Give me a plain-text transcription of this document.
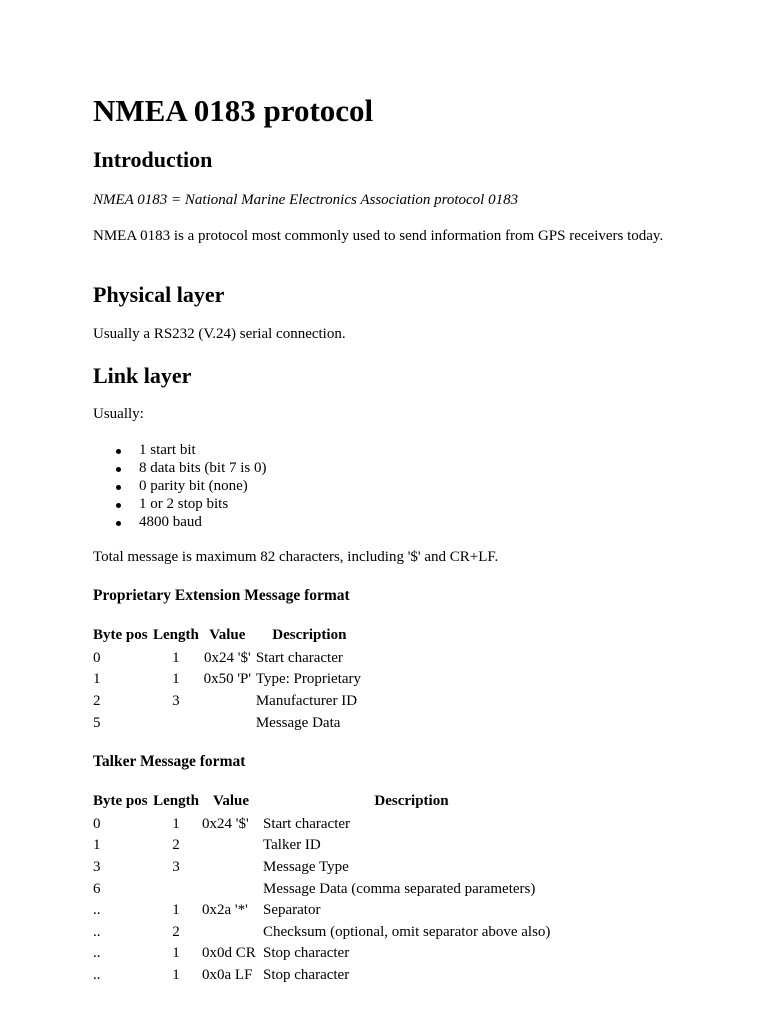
NMEA 0183 protocol
Introduction

NMEA 0183 = National Marine Electronics Association protocol 0183

NMEA 0183 is a protocol most commonly used to send information from GPS receivers today.

Physical layer

Usually a RS232 (V.24) serial connection.

Link layer

Usually:

1 start bit
8 data bits (bit 7 is 0)
0 parity bit (none)
1 or 2 stop bits
4800 baud

Total message is maximum 82 characters, including '$' and CR+LF.

Proprietary Extension Message format
Byte pos	Length	Value	Description
0	1	0x24 '$'	Start character
1	1	0x50 'P'	Type: Proprietary
2	3		Manufacturer ID
5			Message Data
Talker Message format
Byte pos	Length	Value	Description
0	1	0x24 '$'	Start character
1	2		Talker ID
3	3		Message Type
6			Message Data (comma separated parameters)
..	1	0x2a '*'	Separator
..	2		Checksum (optional, omit separator above also)
..	1	0x0d CR	Stop character
..	1	0x0a LF	Stop character
